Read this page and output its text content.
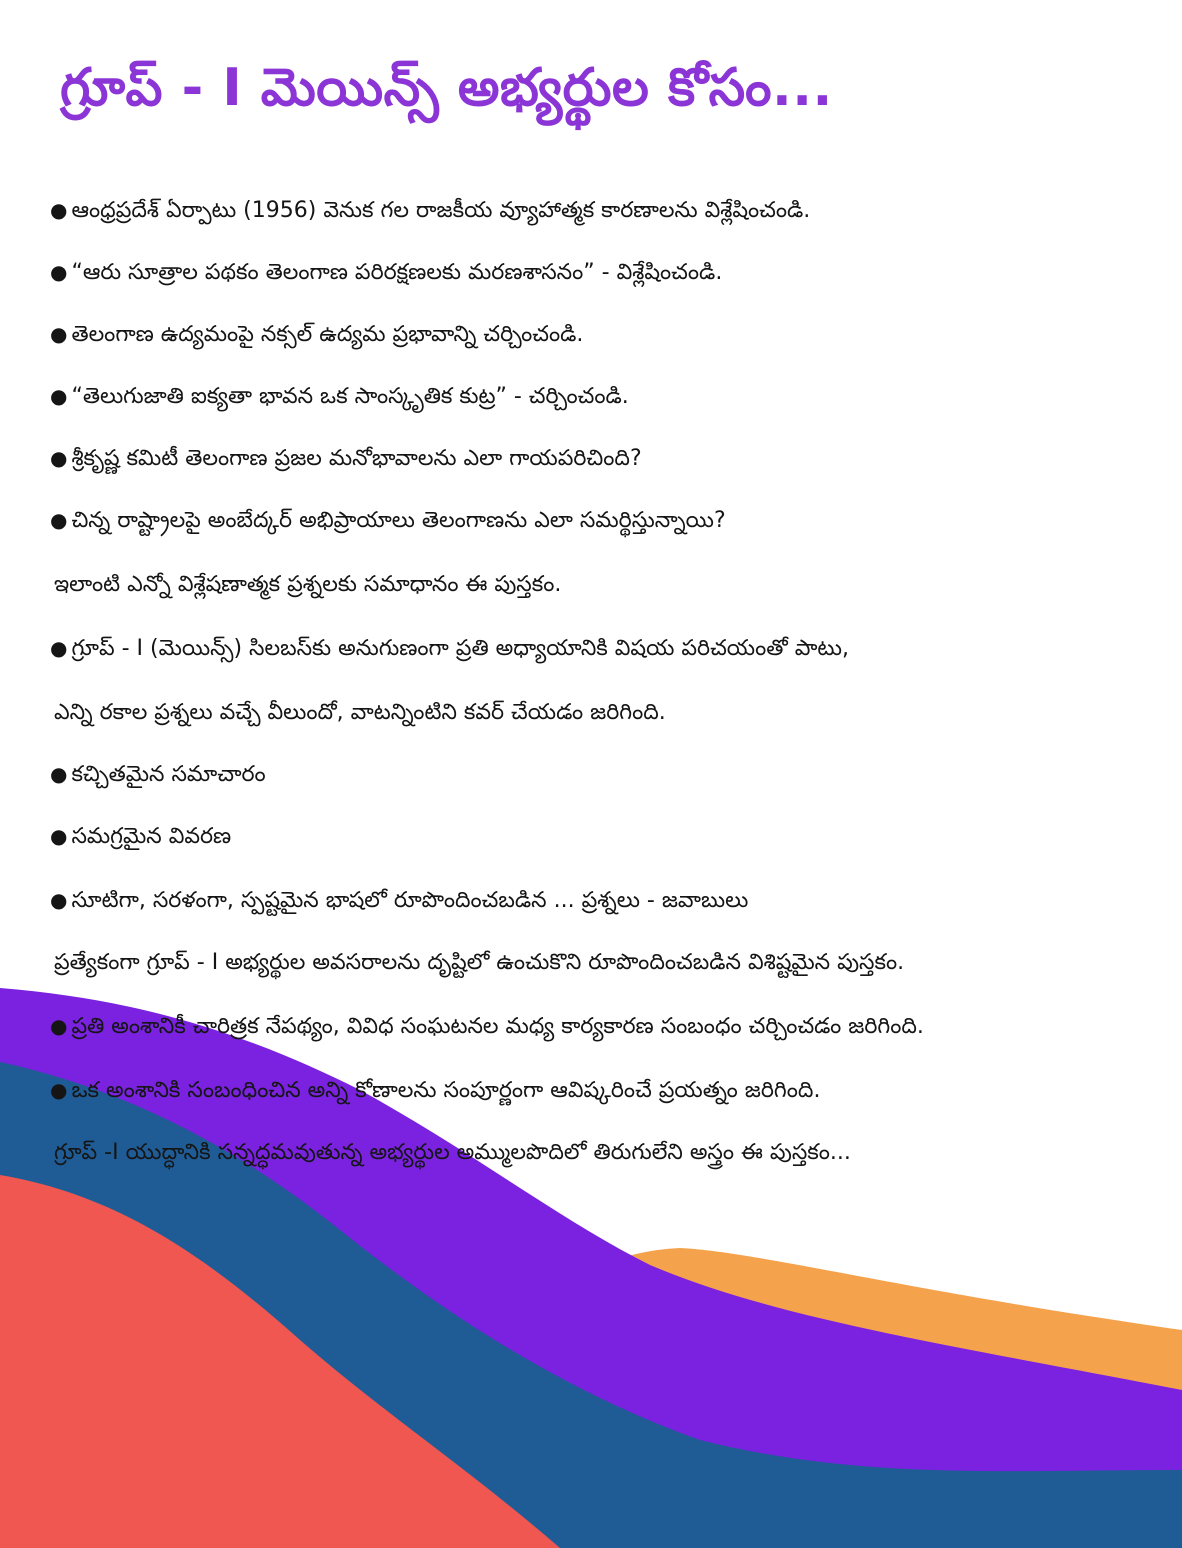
గ్రూప్ - I మెయిన్స్ అభ్యర్థుల కోసం...

● ఆంధ్రప్రదేశ్ ఏర్పాటు (1956) వెనుక గల రాజకీయ వ్యూహాత్మక కారణాలను విశ్లేషించండి.

● “ఆరు సూత్రాల పథకం తెలంగాణ పరిరక్షణలకు మరణశాసనం” - విశ్లేషించండి.

● తెలంగాణ ఉద్యమంపై నక్సల్ ఉద్యమ ప్రభావాన్ని చర్చించండి.

● “తెలుగుజాతి ఐక్యతా భావన ఒక సాంస్కృతిక కుట్ర” - చర్చించండి.

● శ్రీకృష్ణ కమిటీ తెలంగాణ ప్రజల మనోభావాలను ఎలా గాయపరిచింది?

● చిన్న రాష్ట్రాలపై అంబేద్కర్ అభిప్రాయాలు తెలంగాణను ఎలా సమర్థిస్తున్నాయి?

ఇలాంటి ఎన్నో విశ్లేషణాత్మక ప్రశ్నలకు సమాధానం ఈ పుస్తకం.

● గ్రూప్ - I (మెయిన్స్) సిలబస్‌కు అనుగుణంగా ప్రతి అధ్యాయానికి విషయ పరిచయంతో పాటు,

ఎన్ని రకాల ప్రశ్నలు వచ్చే వీలుందో, వాటన్నింటిని కవర్ చేయడం జరిగింది.

● కచ్చితమైన సమాచారం

● సమగ్రమైన వివరణ

● సూటిగా, సరళంగా, స్పష్టమైన భాషలో రూపొందించబడిన ... ప్రశ్నలు - జవాబులు

ప్రత్యేకంగా గ్రూప్ - I అభ్యర్థుల అవసరాలను దృష్టిలో ఉంచుకొని రూపొందించబడిన విశిష్టమైన పుస్తకం.

● ప్రతి అంశానికీ చారిత్రక నేపథ్యం, వివిధ సంఘటనల మధ్య కార్యకారణ సంబంధం చర్చించడం జరిగింది.

● ఒక అంశానికి సంబంధించిన అన్ని కోణాలను సంపూర్ణంగా ఆవిష్కరించే ప్రయత్నం జరిగింది.

గ్రూప్ -I యుద్ధానికి సన్నద్ధమవుతున్న అభ్యర్థుల అమ్ములపొదిలో తిరుగులేని అస్త్రం ఈ పుస్తకం...
